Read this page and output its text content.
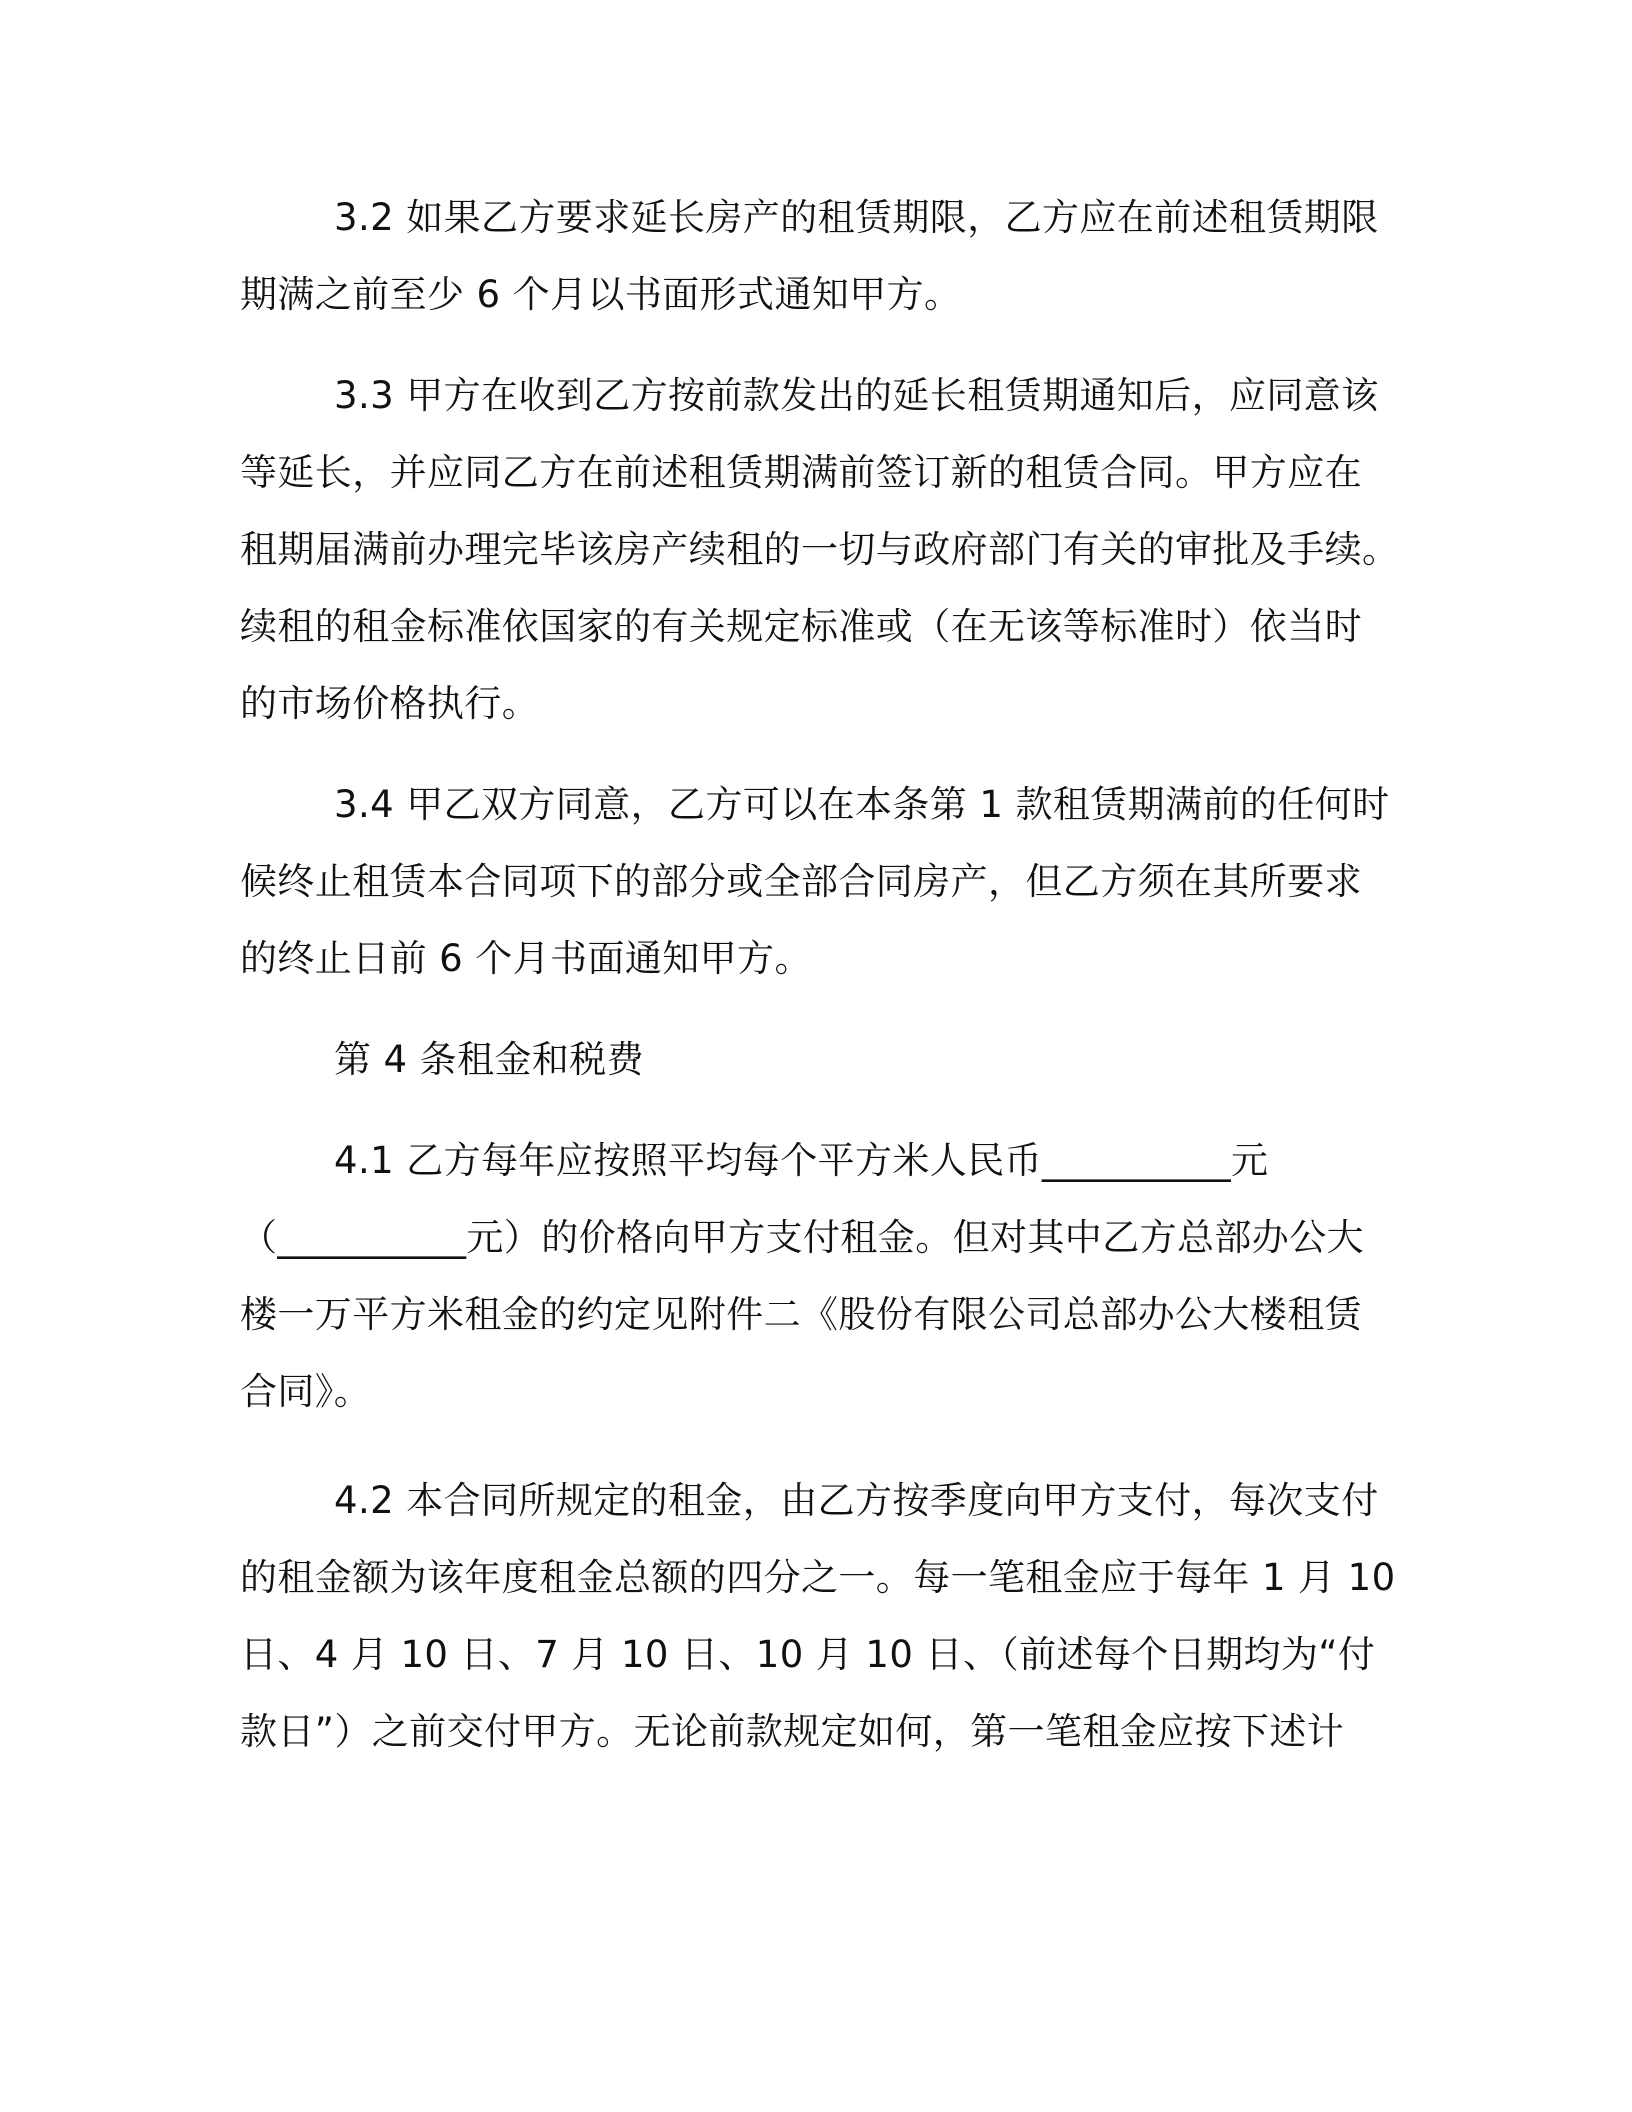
3.2 如果乙方要求延长房产的租赁期限，乙方应在前述租赁期限

期满之前至少 6 个月以书面形式通知甲方。

3.3 甲方在收到乙方按前款发出的延长租赁期通知后，应同意该

等延长，并应同乙方在前述租赁期满前签订新的租赁合同。甲方应在

租期届满前办理完毕该房产续租的一切与政府部门有关的审批及手续。

续租的租金标准依国家的有关规定标准或（在无该等标准时）依当时

的市场价格执行。

3.4 甲乙双方同意，乙方可以在本条第 1 款租赁期满前的任何时

候终止租赁本合同项下的部分或全部合同房产，但乙方须在其所要求

的终止日前 6 个月书面通知甲方。

第 4 条租金和税费

4.1 乙方每年应按照平均每个平方米人民币__________元

（__________元）的价格向甲方支付租金。但对其中乙方总部办公大

楼一万平方米租金的约定见附件二《股份有限公司总部办公大楼租赁

合同》。

4.2 本合同所规定的租金，由乙方按季度向甲方支付，每次支付

的租金额为该年度租金总额的四分之一。每一笔租金应于每年 1 月 10

日、4 月 10 日、7 月 10 日、10 月 10 日、（前述每个日期均为“付

款日”）之前交付甲方。无论前款规定如何，第一笔租金应按下述计
